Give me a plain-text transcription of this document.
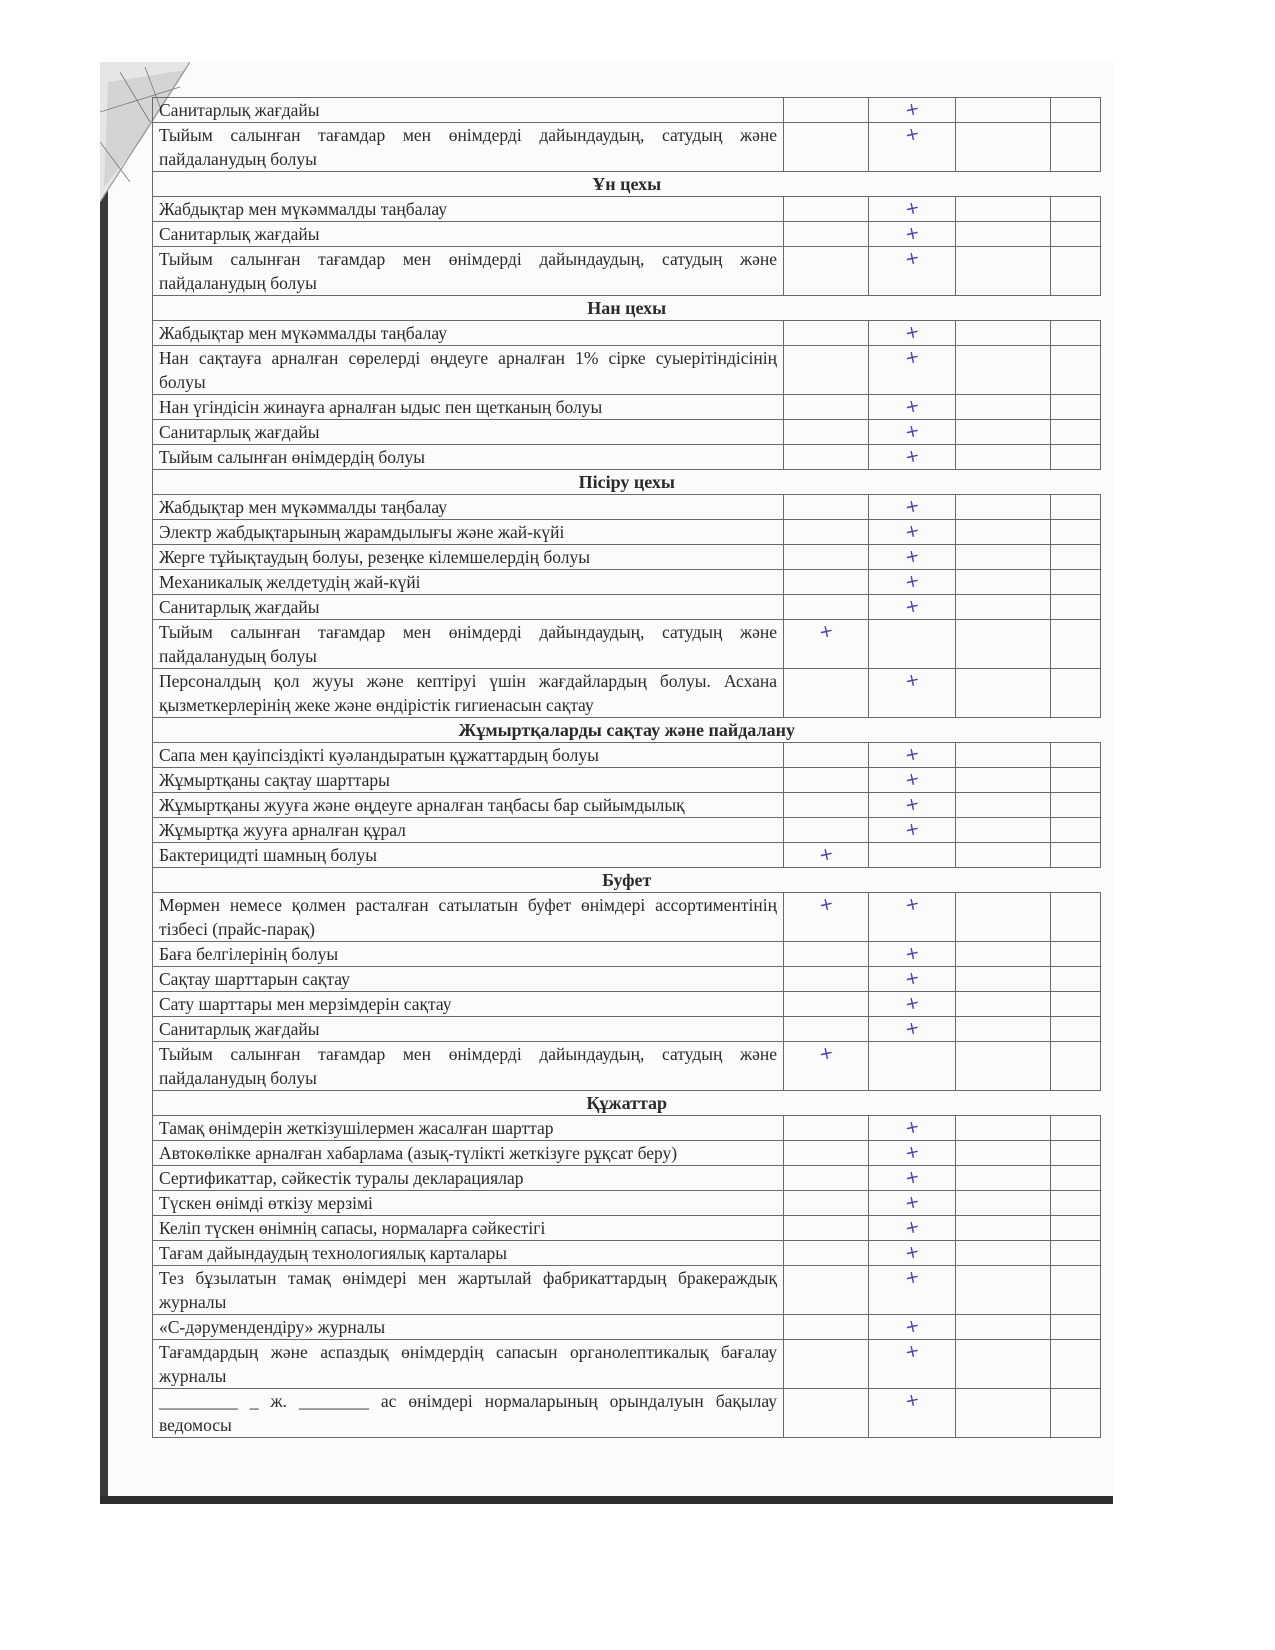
Санитарлық жағдайы		+		
Тыйым салынған тағамдар мен өнімдерді дайындаудың, сатудың және пайдаланудың болуы		+		
Ұн цехы				
Жабдықтар мен мүкәммалды таңбалау		+		
Санитарлық жағдайы		+		
Тыйым салынған тағамдар мен өнімдерді дайындаудың, сатудың және пайдаланудың болуы		+		
Нан цехы				
Жабдықтар мен мүкәммалды таңбалау		+		
Нан сақтауға арналған сөрелерді өңдеуге арналған 1% сірке суыерітіндісінің болуы		+		
Нан үгіндісін жинауға арналған ыдыс пен щетканың болуы		+		
Санитарлық жағдайы		+		
Тыйым салынған өнімдердің болуы		+		
Пісіру цехы				
Жабдықтар мен мүкәммалды таңбалау		+		
Электр жабдықтарының жарамдылығы және жай-күйі		+		
Жерге тұйықтаудың болуы, резеңке кілемшелердің болуы		+		
Механикалық желдетудің жай-күйі		+		
Санитарлық жағдайы		+		
Тыйым салынған тағамдар мен өнімдерді дайындаудың, сатудың және пайдаланудың болуы	+			
Персоналдың қол жууы және кептіруі үшін жағдайлардың болуы. Асхана қызметкерлерінің жеке және өндірістік гигиенасын сақтау		+		
Жұмыртқаларды сақтау және пайдалану				
Сапа мен қауіпсіздікті куәландыратын құжаттардың болуы		+		
Жұмыртқаны сақтау шарттары		+		
Жұмыртқаны жууға және өңдеуге арналған таңбасы бар сыйымдылық		+		
Жұмыртқа жууға арналған құрал		+		
Бактерицидті шамның болуы	+			
Буфет				
Мөрмен немесе қолмен расталған сатылатын буфет өнімдері ассортиментінің тізбесі (прайс-парақ)	+	+		
Баға белгілерінің болуы		+		
Сақтау шарттарын сақтау		+		
Сату шарттары мен мерзімдерін сақтау		+		
Санитарлық жағдайы		+		
Тыйым салынған тағамдар мен өнімдерді дайындаудың, сатудың және пайдаланудың болуы	+			
Құжаттар				
Тамақ өнімдерін жеткізушілермен жасалған шарттар		+		
Автокөлікке арналған хабарлама (азық-түлікті жеткізуге рұқсат беру)		+		
Сертификаттар, сәйкестік туралы декларациялар		+		
Түскен өнімді өткізу мерзімі		+		
Келіп түскен өнімнің сапасы, нормаларға сәйкестігі		+		
Тағам дайындаудың технологиялық карталары		+		
Тез бұзылатын тамақ өнімдері мен жартылай фабрикаттардың бракераждық журналы		+		
«С-дәрумендендіру» журналы		+		
Тағамдардың және аспаздық өнімдердің сапасын органолептикалық бағалау журналы		+		
_________ _ ж. ________ ас өнімдері нормаларының орындалуын бақылау ведомосы		+		
